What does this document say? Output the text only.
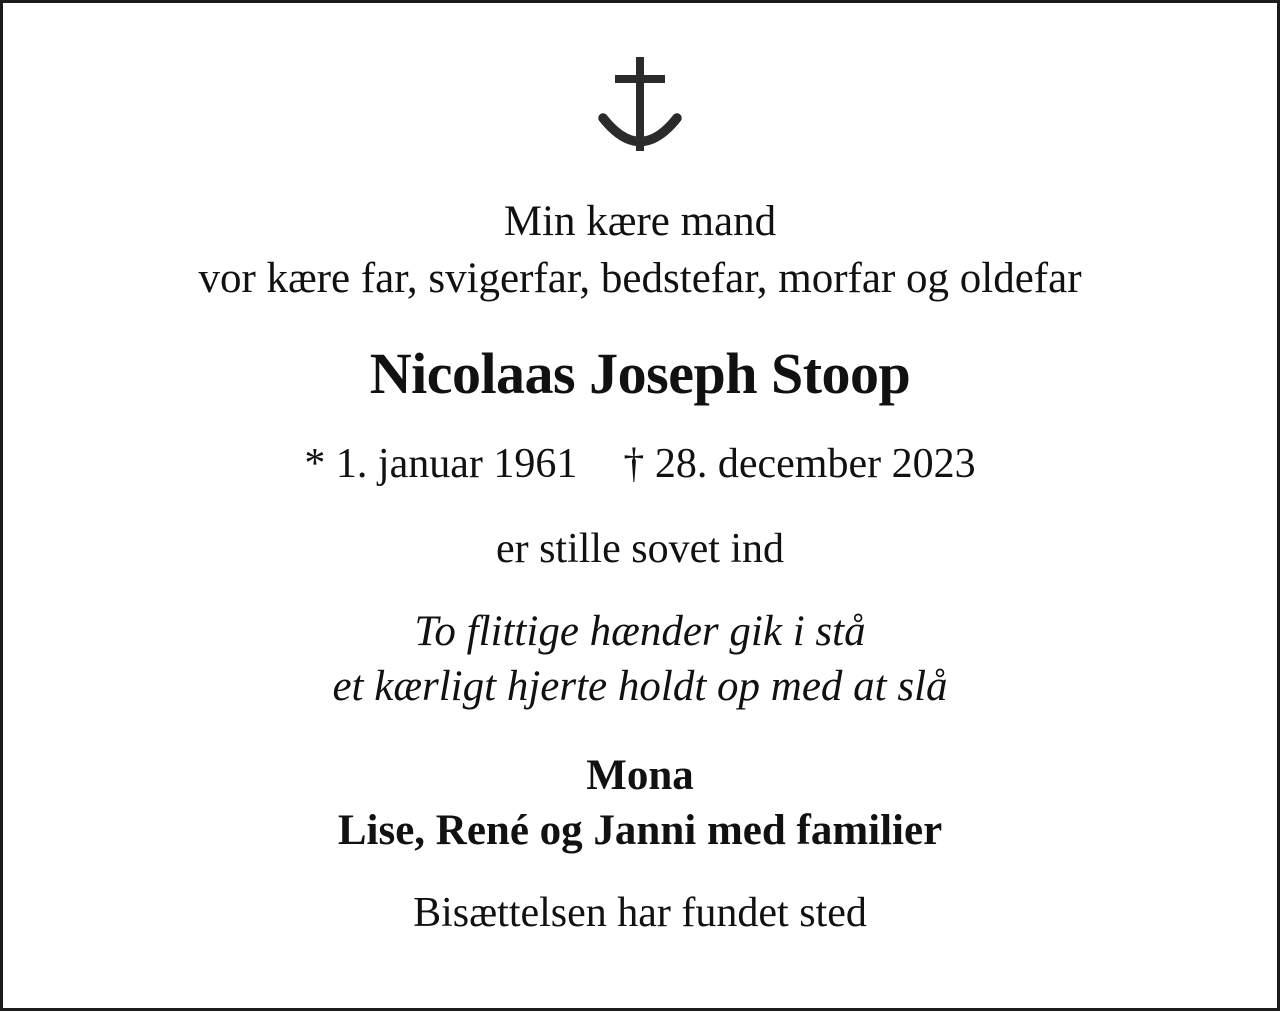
Min kære mand
vor kære far, svigerfar, bedstefar, morfar og oldefar
Nicolaas Joseph Stoop
* 1. januar 1961 † 28. december 2023
er stille sovet ind
To flittige hænder gik i stå
et kærligt hjerte holdt op med at slå
Mona
Lise, René og Janni med familier
Bisættelsen har fundet sted
